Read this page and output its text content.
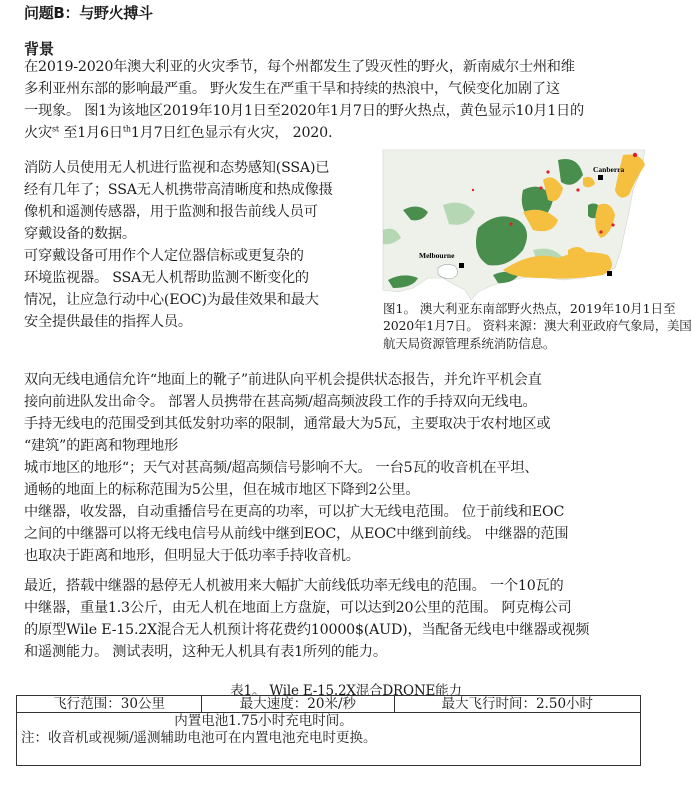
问题B：与野火搏斗
背景
在2019-2020年澳大利亚的火灾季节，每个州都发生了毁灭性的野火，新南威尔士州和维
多利亚州东部的影响最严重。 野火发生在严重干旱和持续的热浪中，气候变化加剧了这
一现象。 图1为该地区2019年10月1日至2020年1月7日的野火热点，黄色显示10月1日的
火灾$^{st}$ 至1月6日$^{th}$1月7日红色显示有火灾， 2020.
消防人员使用无人机进行监视和态势感知(SSA)已
经有几年了；SSA无人机携带高清晰度和热成像摄
像机和遥测传感器，用于监测和报告前线人员可
穿戴设备的数据。
可穿戴设备可用作个人定位器信标或更复杂的
环境监视器。 SSA无人机帮助监测不断变化的
情况，让应急行动中心(EOC)为最佳效果和最大
安全提供最佳的指挥人员。
Canberra
Melbourne
图1。 澳大利亚东南部野火热点，2019年10月1日至
2020年1月7日。 资料来源：澳大利亚政府气象局，美国
航天局资源管理系统消防信息。
双向无线电通信允许“地面上的靴子”前进队向平机会提供状态报告，并允许平机会直
接向前进队发出命令。 部署人员携带在甚高频/超高频波段工作的手持双向无线电。
手持无线电的范围受到其低发射功率的限制，通常最大为5瓦，主要取决于农村地区或
“建筑”的距离和物理地形
城市地区的地形“；天气对甚高频/超高频信号影响不大。 一台5瓦的收音机在平坦、
通畅的地面上的标称范围为5公里，但在城市地区下降到2公里。
中继器，收发器，自动重播信号在更高的功率，可以扩大无线电范围。 位于前线和EOC
之间的中继器可以将无线电信号从前线中继到EOC，从EOC中继到前线。 中继器的范围
也取决于距离和地形，但明显大于低功率手持收音机。
最近，搭载中继器的悬停无人机被用来大幅扩大前线低功率无线电的范围。 一个10瓦的
中继器，重量1.3公斤，由无人机在地面上方盘旋，可以达到20公里的范围。 阿克梅公司
的原型Wile E-15.2X混合无人机预计将花费约10000$(AUD)，当配备无线电中继器或视频
和遥测能力。 测试表明，这种无人机具有表1所列的能力。
表1。 Wile E-15.2X混合DRONE能力
飞行范围：30公里	最大速度：20米/秒	最大飞行时间：2.50小时

内置电池1.75小时充电时间。
注：收音机或视频/遥测辅助电池可在内置电池充电时更换。
